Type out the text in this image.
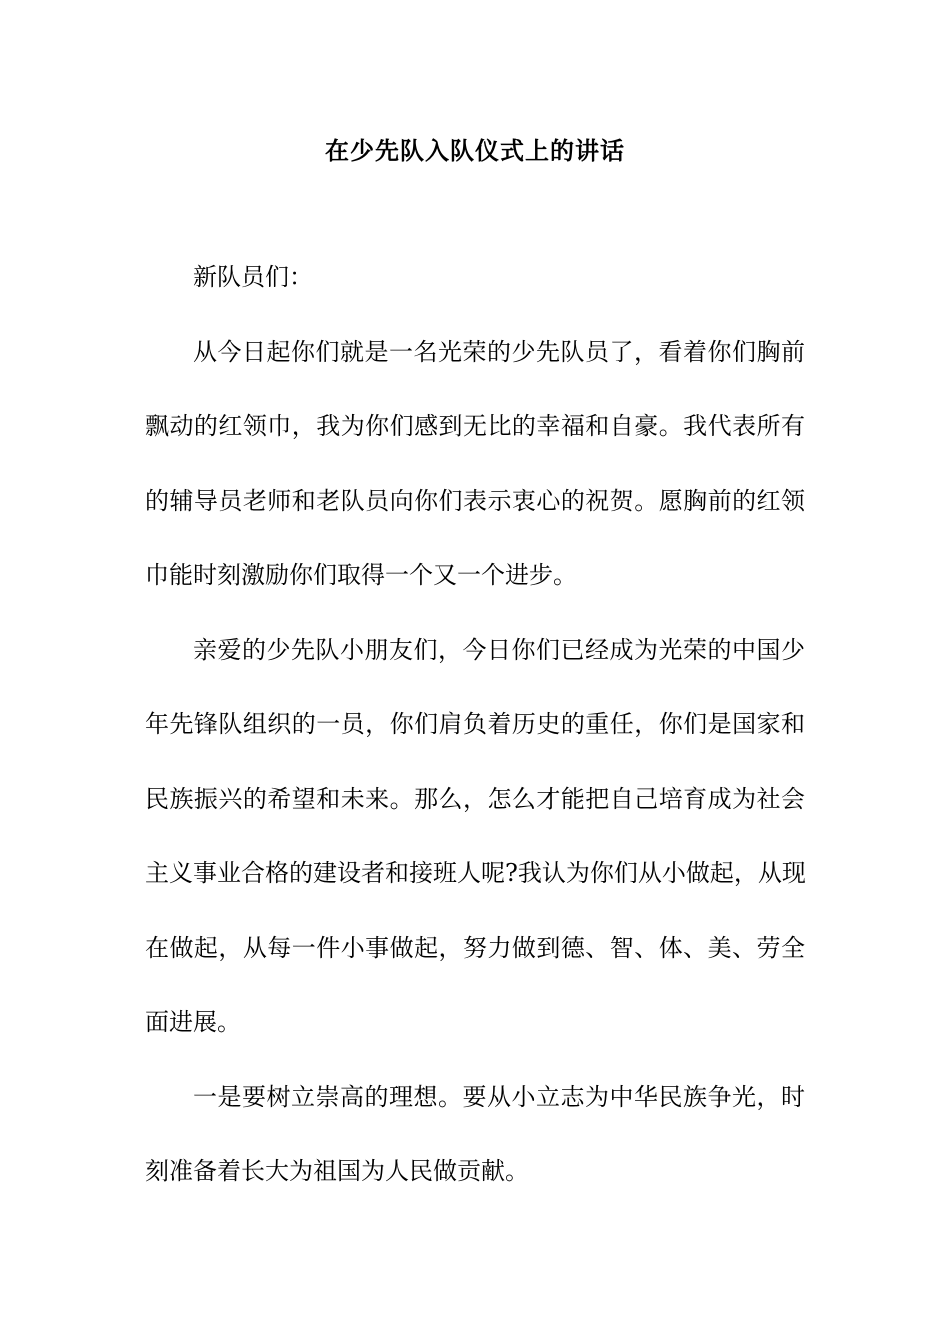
在少先队入队仪式上的讲话
新队员们：
从今日起你们就是一名光荣的少先队员了，看着你们胸前
飘动的红领巾，我为你们感到无比的幸福和自豪。我代表所有
的辅导员老师和老队员向你们表示衷心的祝贺。愿胸前的红领
巾能时刻激励你们取得一个又一个进步。
亲爱的少先队小朋友们，今日你们已经成为光荣的中国少
年先锋队组织的一员，你们肩负着历史的重任，你们是国家和
民族振兴的希望和未来。那么，怎么才能把自己培育成为社会
主义事业合格的建设者和接班人呢?我认为你们从小做起，从现
在做起，从每一件小事做起，努力做到德、智、体、美、劳全
面进展。
一是要树立崇高的理想。要从小立志为中华民族争光，时
刻准备着长大为祖国为人民做贡献。
